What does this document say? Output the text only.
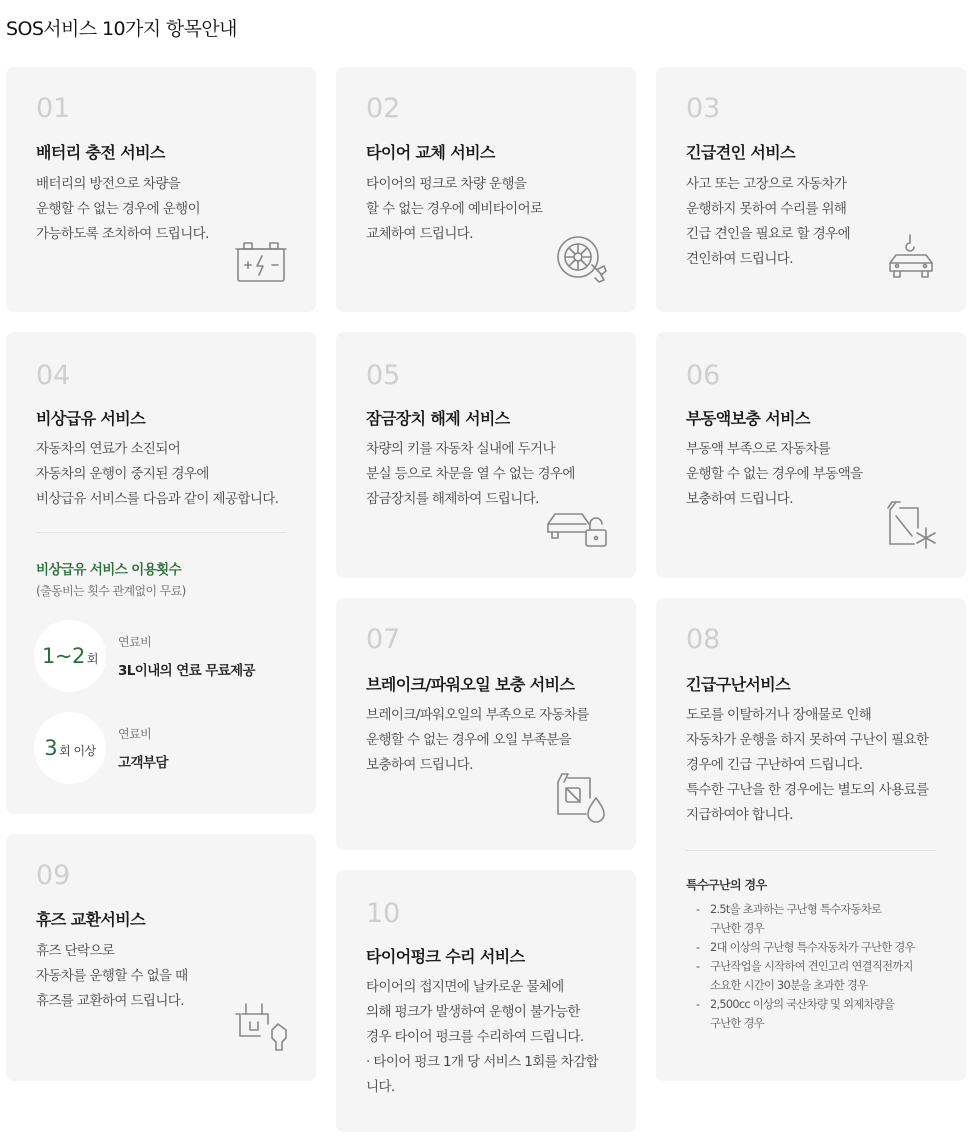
SOS서비스 10가지 항목안내
01
배터리 충전 서비스
배터리의 방전으로 차량을
운행할 수 없는 경우에 운행이
가능하도록 조치하여 드립니다.
02
타이어 교체 서비스
타이어의 펑크로 차량 운행을
할 수 없는 경우에 예비타이어로
교체하여 드립니다.
03
긴급견인 서비스
사고 또는 고장으로 자동차가
운행하지 못하여 수리를 위해
긴급 견인을 필요로 할 경우에
견인하여 드립니다.
04
비상급유 서비스
자동차의 연료가 소진되어
자동차의 운행이 중지된 경우에
비상급유 서비스를 다음과 같이 제공합니다.
비상급유 서비스 이용횟수
(출동비는 횟수 관계없이 무료)
1~2 회
연료비
3L이내의 연료 무료제공
3 회 이상
연료비
고객부담
05
잠금장치 해제 서비스
차량의 키를 자동차 실내에 두거나
분실 등으로 차문을 열 수 없는 경우에
잠금장치를 해제하여 드립니다.
06
부동액보충 서비스
부동액 부족으로 자동차를
운행할 수 없는 경우에 부동액을
보충하여 드립니다.
07
브레이크/파워오일 보충 서비스
브레이크/파워오일의 부족으로 자동차를
운행할 수 없는 경우에 오일 부족분을
보충하여 드립니다.
08
긴급구난서비스
도로를 이탈하거나 장애물로 인해
자동차가 운행을 하지 못하여 구난이 필요한
경우에 긴급 구난하여 드립니다.
특수한 구난을 한 경우에는 별도의 사용료를
지급하여야 합니다.
특수구난의 경우
- 2.5t을 초과하는 구난형 특수자동차로
구난한 경우
- 2대 이상의 구난형 특수자동차가 구난한 경우
- 구난작업을 시작하여 견인고리 연결직전까지
소요한 시간이 30분을 초과한 경우
- 2,500cc 이상의 국산차량 및 외제차량을
구난한 경우
09
휴즈 교환서비스
휴즈 단락으로
자동차를 운행할 수 없을 때
휴즈를 교환하여 드립니다.
10
타이어펑크 수리 서비스
타이어의 접지면에 날카로운 물체에
의해 펑크가 발생하여 운행이 불가능한
경우 타이어 펑크를 수리하여 드립니다.
· 타이어 펑크 1개 당 서비스 1회를 차감합
니다.
